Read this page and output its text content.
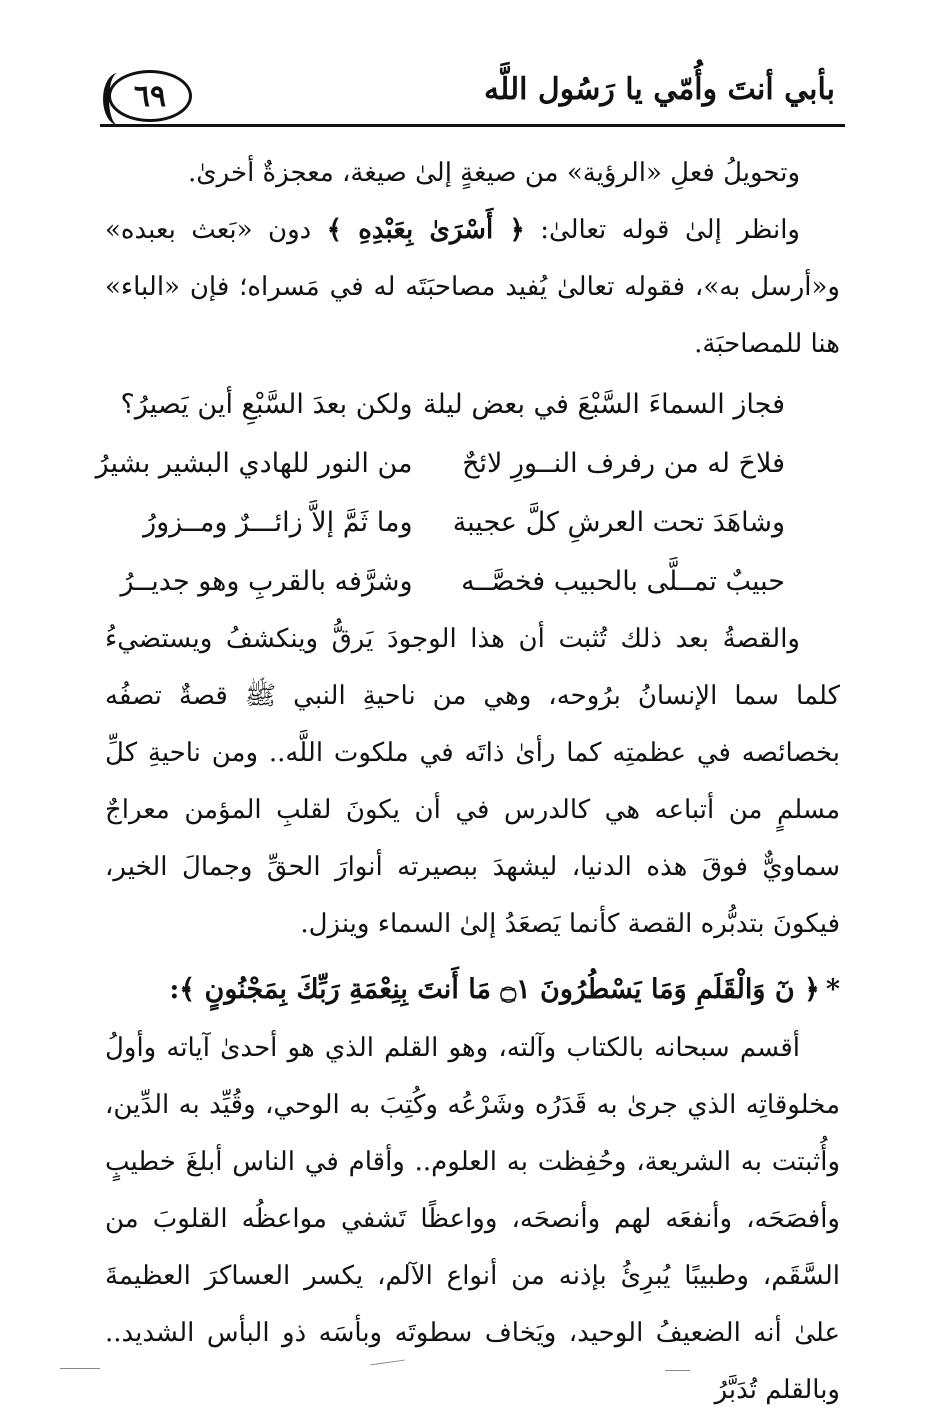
٦٩	بأبي أنتَ وأُمّي يا رَسُول اللَّه

وتحويلُ فعلِ «الرؤية» من صيغةٍ إلىٰ صيغة، معجزةٌ أخرىٰ.

وانظر إلىٰ قوله تعالىٰ: ﴿ أَسْرَىٰ بِعَبْدِهِ ﴾ دون «بَعث بعبده» و«أرسل به»، فقوله تعالىٰ يُفيد مصاحبَتَه له في مَسراه؛ فإن «الباء» هنا للمصاحبَة.

فجاز السماءَ السَّبْعَ في بعض ليلة
ولكن بعدَ السَّبْعِ أين يَصيرُ؟
فلاحَ له من رفرف النــورِ لائحٌ
من النور للهادي البشير بشيرُ
وشاهَدَ تحت العرشِ كلَّ عجيبة
وما ثَمَّ إلاَّ زائـــرٌ ومــزورُ
حبيبٌ تمــلَّى بالحبيب فخصَّــه
وشرَّفه بالقربِ وهو جديــرُ

والقصةُ بعد ذلك تُثبت أن هذا الوجودَ يَرقُّ وينكشفُ ويستضيءُ كلما سما الإنسانُ برُوحه، وهي من ناحيةِ النبي ﷺ قصةٌ تصفُه بخصائصه في عظمتِه كما رأىٰ ذاتَه في ملكوت اللَّه.. ومن ناحيةِ كلِّ مسلمٍ من أتباعه هي كالدرس في أن يكونَ لقلبِ المؤمن معراجٌ سماويٌّ فوقَ هذه الدنيا، ليشهدَ ببصيرته أنوارَ الحقِّ وجمالَ الخير، فيكونَ بتدبُّره القصة كأنما يَصعَدُ إلىٰ السماء وينزل.

*﴿ نٓ وَالْقَلَمِ وَمَا يَسْطُرُونَ ۝١ مَا أَنتَ بِنِعْمَةِ رَبِّكَ بِمَجْنُونٍ ﴾:

أقسم سبحانه بالكتاب وآلته، وهو القلم الذي هو أحدىٰ آياته وأولُ مخلوقاتِه الذي جرىٰ به قَدَرُه وشَرْعُه وكُتِبَ به الوحي، وقُيِّد به الدِّين، وأُثبتت به الشريعة، وحُفِظت به العلوم.. وأقام في الناس أبلغَ خطيبٍ وأفصَحَه، وأنفعَه لهم وأنصحَه، وواعظًا تَشفي مواعظُه القلوبَ من السَّقَم، وطبيبًا يُبرِئُ بإذنه من أنواع الآلم، يكسر العساكرَ العظيمةَ علىٰ أنه الضعيفُ الوحيد، ويَخاف سطوتَه وبأسَه ذو البأس الشديد.. وبالقلم تُدَبَّرُ
